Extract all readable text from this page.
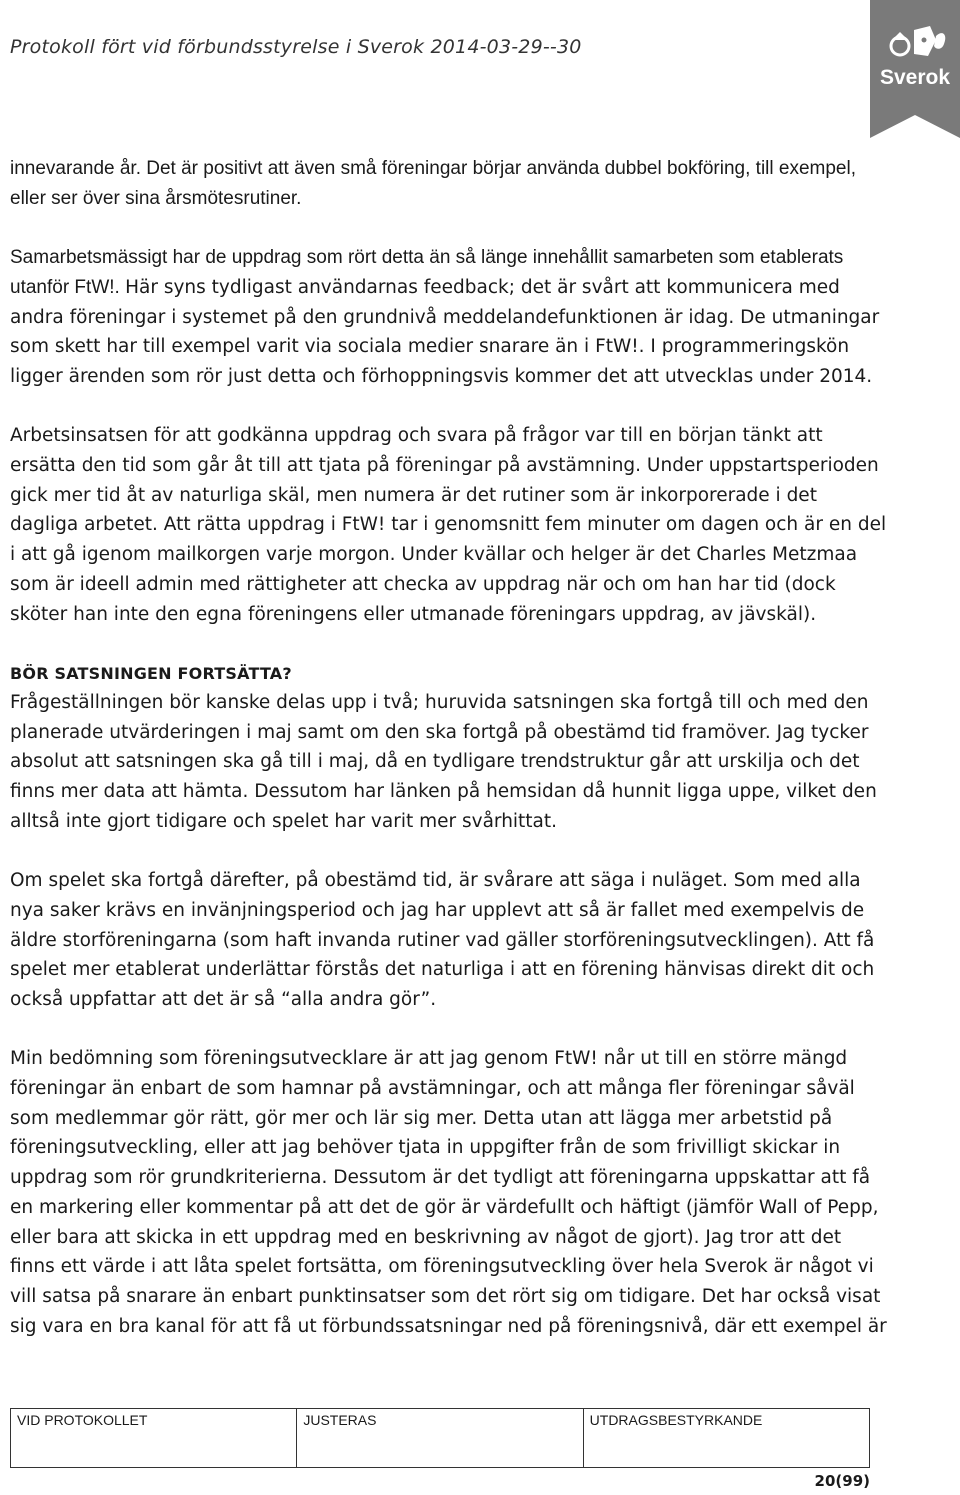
Protokoll fört vid förbundsstyrelse i Sverok 2014-03-29--30
Sverok

innevarande år. Det är positivt att även små föreningar börjar använda dubbel bokföring, till exempel, eller ser över sina årsmötesrutiner.

Samarbetsmässigt har de uppdrag som rört detta än så länge innehållit samarbeten som etablerats utanför FtW!. Här syns tydligast användarnas feedback; det är svårt att kommunicera med andra föreningar i systemet på den grundnivå meddelandefunktionen är idag. De utmaningar som skett har till exempel varit via sociala medier snarare än i FtW!. I programmeringskön ligger ärenden som rör just detta och förhoppningsvis kommer det att utvecklas under 2014.

Arbetsinsatsen för att godkänna uppdrag och svara på frågor var till en början tänkt att ersätta den tid som går åt till att tjata på föreningar på avstämning. Under uppstartsperioden gick mer tid åt av naturliga skäl, men numera är det rutiner som är inkorporerade i det dagliga arbetet. Att rätta uppdrag i FtW! tar i genomsnitt fem minuter om dagen och är en del i att gå igenom mailkorgen varje morgon. Under kvällar och helger är det Charles Metzmaa som är ideell admin med rättigheter att checka av uppdrag när och om han har tid (dock sköter han inte den egna föreningens eller utmanade föreningars uppdrag, av jävskäl).

BÖR SATSNINGEN FORTSÄTTA?

Frågeställningen bör kanske delas upp i två; huruvida satsningen ska fortgå till och med den planerade utvärderingen i maj samt om den ska fortgå på obestämd tid framöver. Jag tycker absolut att satsningen ska gå till i maj, då en tydligare trendstruktur går att urskilja och det finns mer data att hämta. Dessutom har länken på hemsidan då hunnit ligga uppe, vilket den alltså inte gjort tidigare och spelet har varit mer svårhittat.

Om spelet ska fortgå därefter, på obestämd tid, är svårare att säga i nuläget. Som med alla nya saker krävs en invänjningsperiod och jag har upplevt att så är fallet med exempelvis de äldre storföreningarna (som haft invanda rutiner vad gäller storföreningsutvecklingen). Att få spelet mer etablerat underlättar förstås det naturliga i att en förening hänvisas direkt dit och också uppfattar att det är så “alla andra gör”.

Min bedömning som föreningsutvecklare är att jag genom FtW! når ut till en större mängd föreningar än enbart de som hamnar på avstämningar, och att många fler föreningar såväl som medlemmar gör rätt, gör mer och lär sig mer. Detta utan att lägga mer arbetstid på föreningsutveckling, eller att jag behöver tjata in uppgifter från de som frivilligt skickar in uppdrag som rör grundkriterierna. Dessutom är det tydligt att föreningarna uppskattar att få en markering eller kommentar på att det de gör är värdefullt och häftigt (jämför Wall of Pepp, eller bara att skicka in ett uppdrag med en beskrivning av något de gjort). Jag tror att det finns ett värde i att låta spelet fortsätta, om föreningsutveckling över hela Sverok är något vi vill satsa på snarare än enbart punktinsatser som det rört sig om tidigare. Det har också visat sig vara en bra kanal för att få ut förbundssatsningar ned på föreningsnivå, där ett exempel är

VID PROTOKOLLET	JUSTERAS	UTDRAGSBESTYRKANDE
20(99)
